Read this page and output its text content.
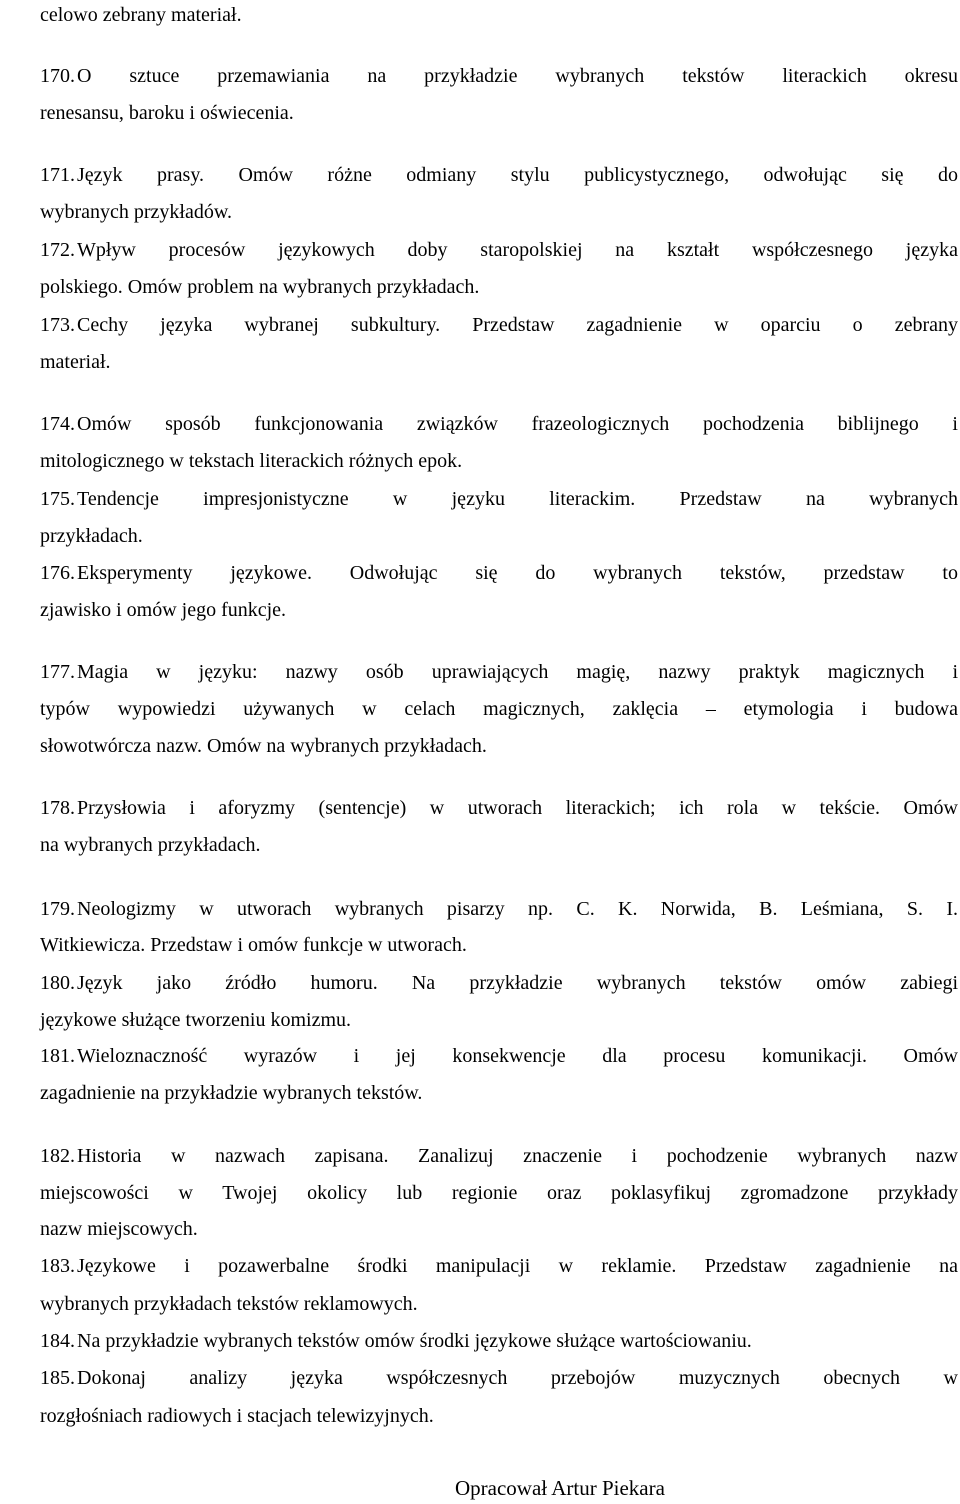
celowo zebrany materiał.
170. O sztuce przemawiania na przykładzie wybranych tekstów literackich okresu
renesansu, baroku i oświecenia.
171. Język prasy. Omów różne odmiany stylu publicystycznego, odwołując się do
wybranych przykładów.
172. Wpływ procesów językowych doby staropolskiej na kształt współczesnego języka
polskiego. Omów problem na wybranych przykładach.
173. Cechy języka wybranej subkultury. Przedstaw zagadnienie w oparciu o zebrany
materiał.
174. Omów sposób funkcjonowania związków frazeologicznych pochodzenia biblijnego i
mitologicznego w tekstach literackich różnych epok.
175. Tendencje impresjonistyczne w języku literackim. Przedstaw na wybranych
przykładach.
176. Eksperymenty językowe. Odwołując się do wybranych tekstów, przedstaw to
zjawisko i omów jego funkcje.
177. Magia w języku: nazwy osób uprawiających magię, nazwy praktyk magicznych i
typów wypowiedzi używanych w celach magicznych, zaklęcia – etymologia i budowa
słowotwórcza nazw. Omów na wybranych przykładach.
178. Przysłowia i aforyzmy (sentencje) w utworach literackich; ich rola w tekście. Omów
na wybranych przykładach.
179. Neologizmy w utworach wybranych pisarzy np. C. K. Norwida, B. Leśmiana, S. I.
Witkiewicza. Przedstaw i omów funkcje w utworach.
180. Język jako źródło humoru. Na przykładzie wybranych tekstów omów zabiegi
językowe służące tworzeniu komizmu.
181. Wieloznaczność wyrazów i jej konsekwencje dla procesu komunikacji. Omów
zagadnienie na przykładzie wybranych tekstów.
182. Historia w nazwach zapisana. Zanalizuj znaczenie i pochodzenie wybranych nazw
miejscowości w Twojej okolicy lub regionie oraz poklasyfikuj zgromadzone przykłady
nazw miejscowych.
183. Językowe i pozawerbalne środki manipulacji w reklamie. Przedstaw zagadnienie na
wybranych przykładach tekstów reklamowych.
184. Na przykładzie wybranych tekstów omów środki językowe służące wartościowaniu.
185. Dokonaj analizy języka współczesnych przebojów muzycznych obecnych w
rozgłośniach radiowych i stacjach telewizyjnych.
Opracował Artur Piekara
